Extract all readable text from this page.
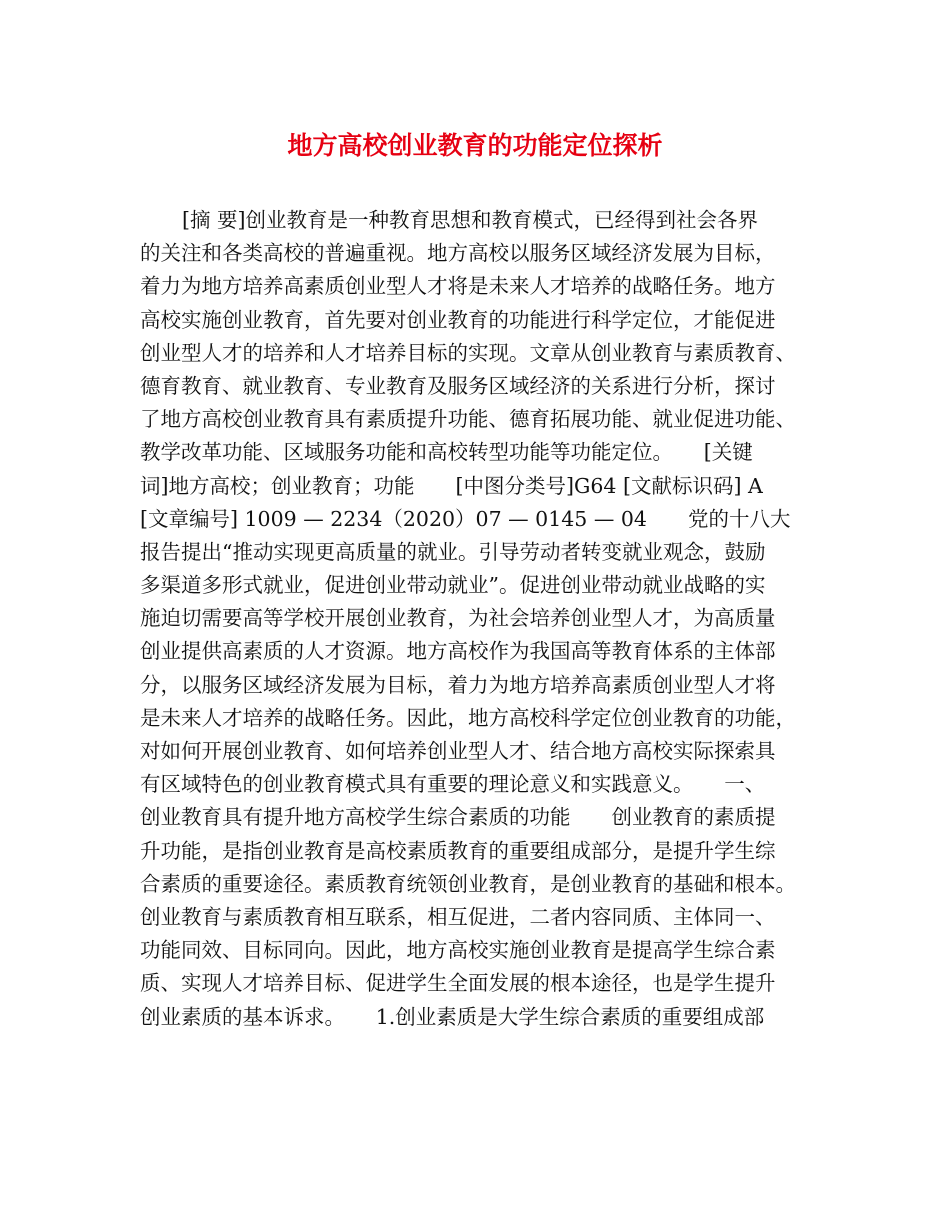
地方高校创业教育的功能定位探析
[摘 要]创业教育是一种教育思想和教育模式，已经得到社会各界
的关注和各类高校的普遍重视。地方高校以服务区域经济发展为目标，
着力为地方培养高素质创业型人才将是未来人才培养的战略任务。地方
高校实施创业教育，首先要对创业教育的功能进行科学定位，才能促进
创业型人才的培养和人才培养目标的实现。文章从创业教育与素质教育、
德育教育、就业教育、专业教育及服务区域经济的关系进行分析，探讨
了地方高校创业教育具有素质提升功能、德育拓展功能、就业促进功能、
教学改革功能、区域服务功能和高校转型功能等功能定位。　　[关键
词]地方高校；创业教育；功能　　[中图分类号]G64 [文献标识码] A
[文章编号] 1009 — 2234（2020）07 — 0145 — 04　　党的十八大
报告提出“推动实现更高质量的就业。引导劳动者转变就业观念，鼓励
多渠道多形式就业，促进创业带动就业”。促进创业带动就业战略的实
施迫切需要高等学校开展创业教育，为社会培养创业型人才，为高质量
创业提供高素质的人才资源。地方高校作为我国高等教育体系的主体部
分，以服务区域经济发展为目标，着力为地方培养高素质创业型人才将
是未来人才培养的战略任务。因此，地方高校科学定位创业教育的功能，
对如何开展创业教育、如何培养创业型人才、结合地方高校实际探索具
有区域特色的创业教育模式具有重要的理论意义和实践意义。　　一、
创业教育具有提升地方高校学生综合素质的功能　　创业教育的素质提
升功能，是指创业教育是高校素质教育的重要组成部分，是提升学生综
合素质的重要途径。素质教育统领创业教育，是创业教育的基础和根本。
创业教育与素质教育相互联系，相互促进，二者内容同质、主体同一、
功能同效、目标同向。因此，地方高校实施创业教育是提高学生综合素
质、实现人才培养目标、促进学生全面发展的根本途径，也是学生提升
创业素质的基本诉求。　　1.创业素质是大学生综合素质的重要组成部
